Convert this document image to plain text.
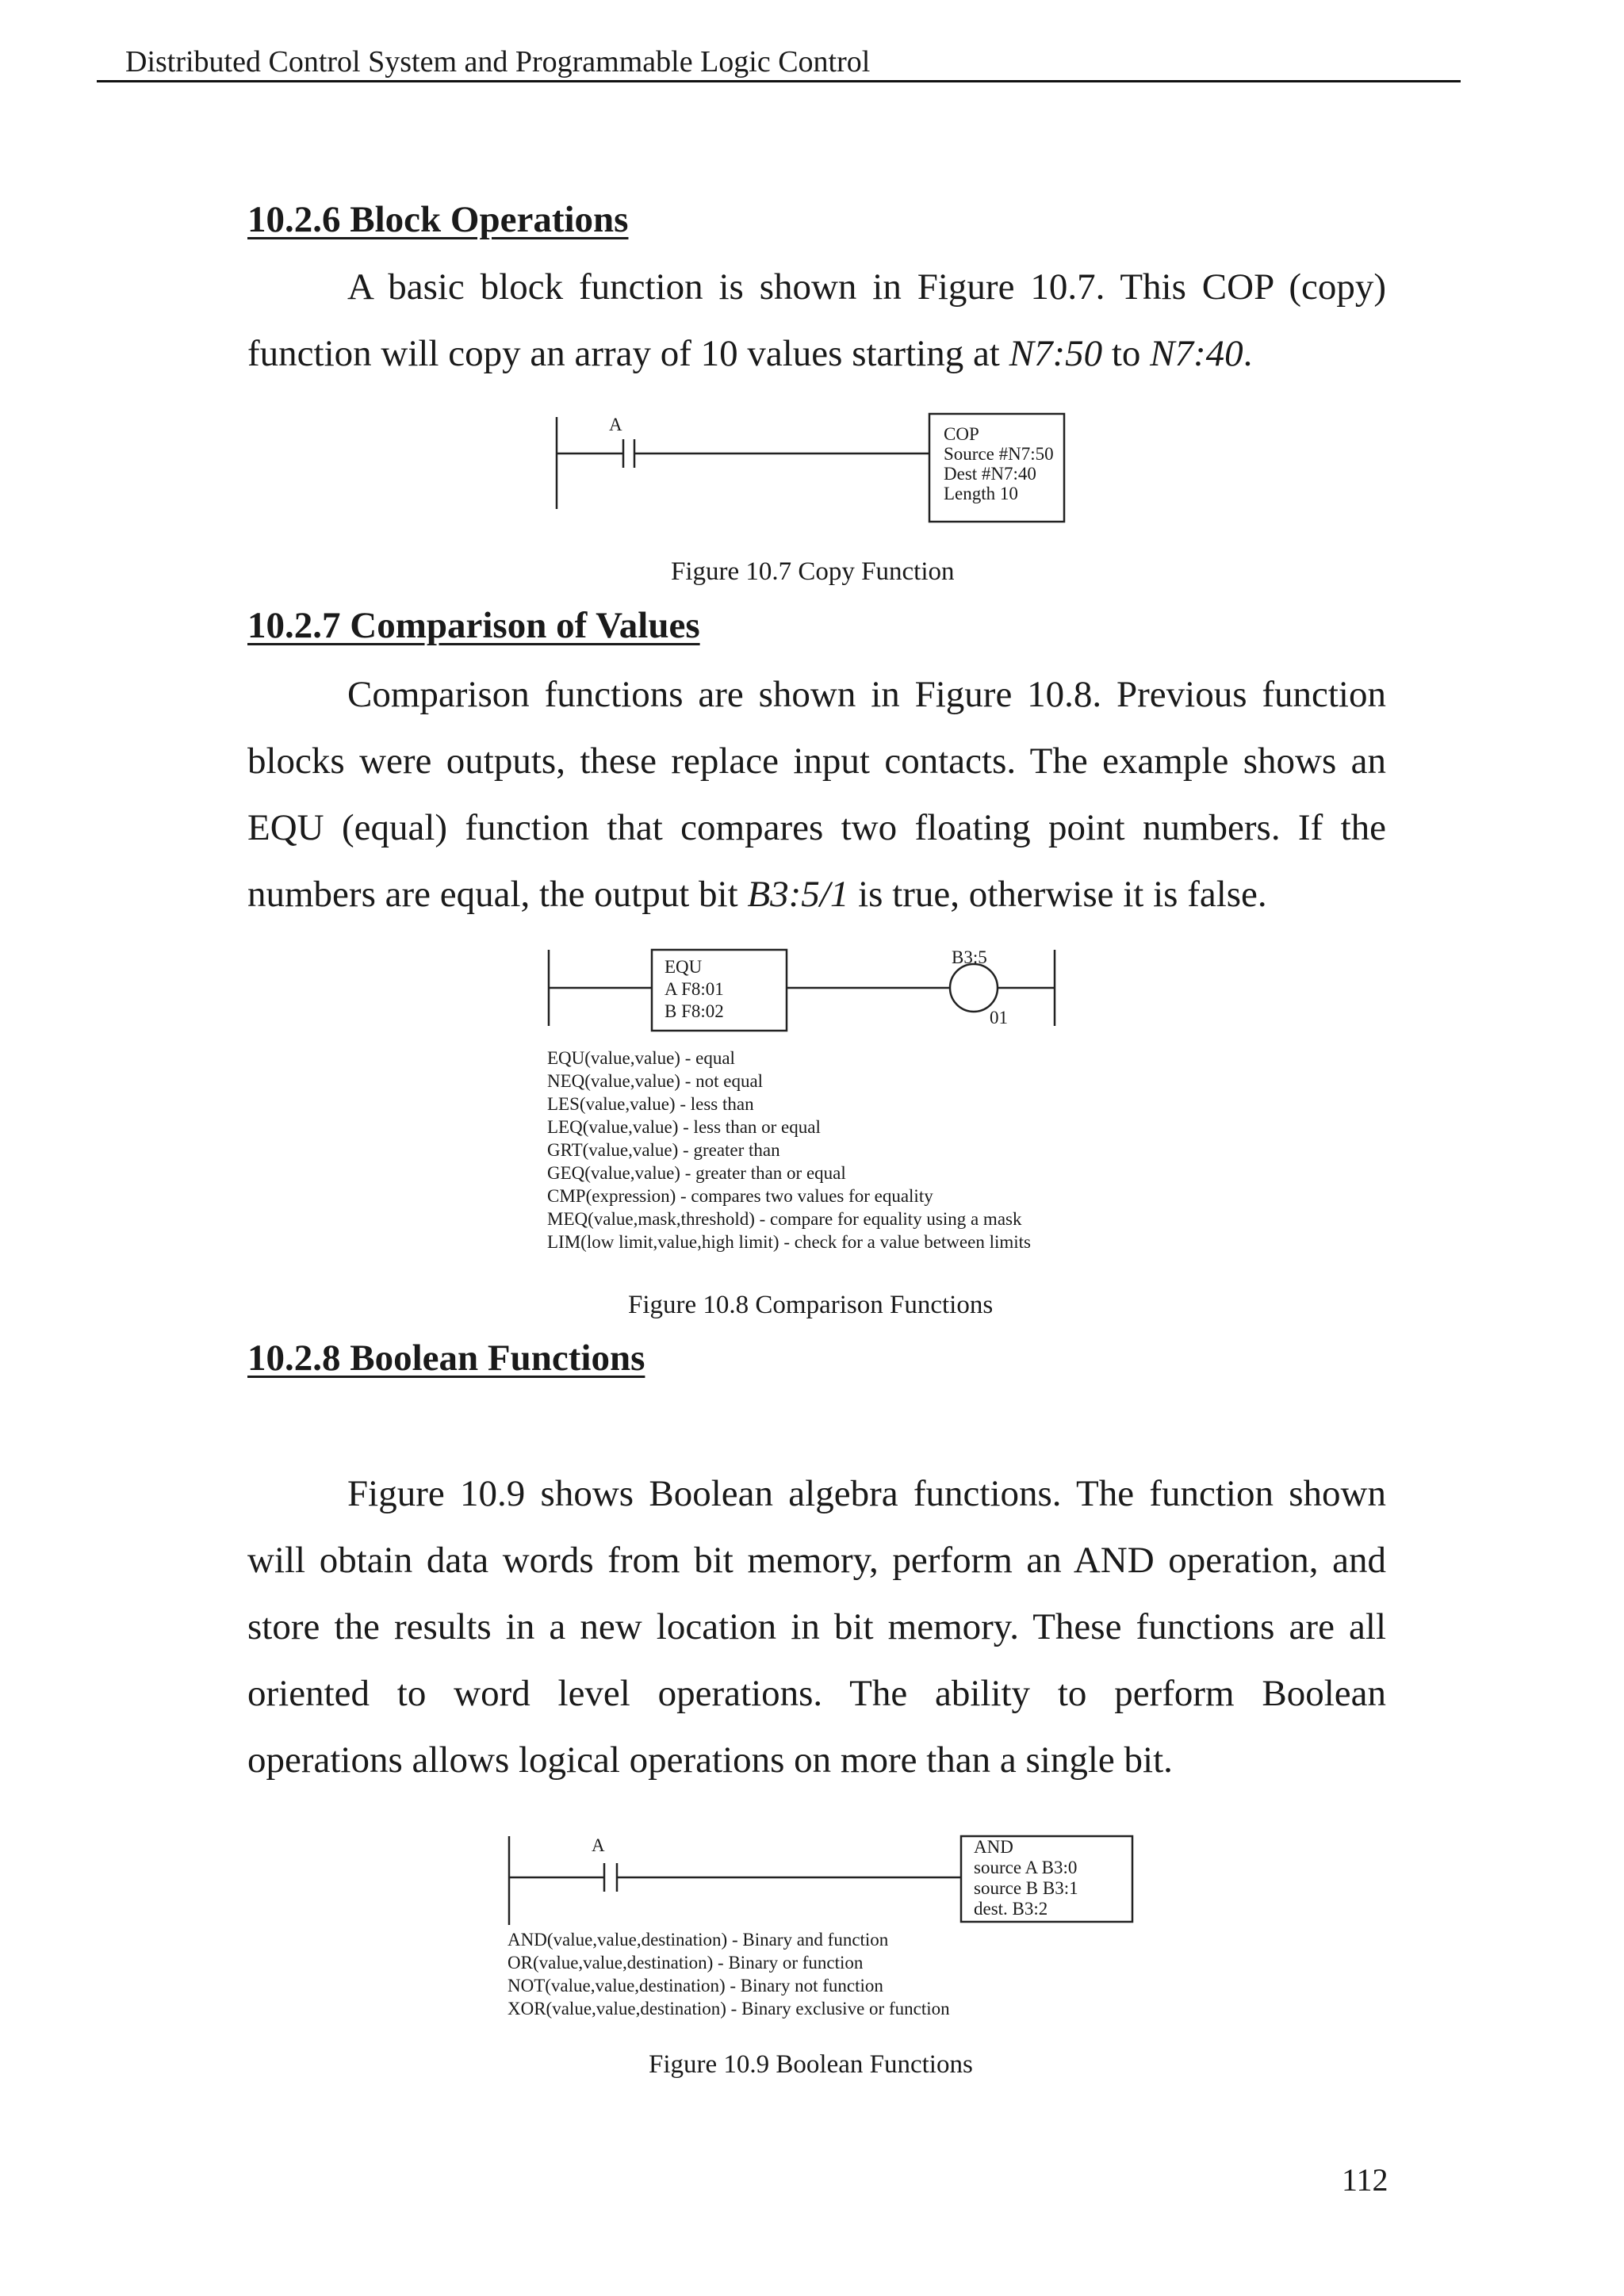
Distributed Control System and Programmable Logic Control
10.2.6 Block Operations
A basic block function is shown in Figure 10.7. This COP (copy)
function will copy an array of 10 values starting at N7:50 to N7:40.
A	COP
Source #N7:50
Dest #N7:40
Length 10
Figure 10.7 Copy Function
10.2.7 Comparison of Values
Comparison functions are shown in Figure 10.8. Previous function
blocks were outputs, these replace input contacts. The example shows an
EQU (equal) function that compares two floating point numbers. If the
numbers are equal, the output bit B3:5/1 is true, otherwise it is false.
EQU
A F8:01
B F8:02
B3:5
01
EQU(value,value) - equal
NEQ(value,value) - not equal
LES(value,value) - less than
LEQ(value,value) - less than or equal
GRT(value,value) - greater than
GEQ(value,value) - greater than or equal
CMP(expression) - compares two values for equality
MEQ(value,mask,threshold) - compare for equality using a mask
LIM(low limit,value,high limit) - check for a value between limits
Figure 10.8 Comparison Functions
10.2.8 Boolean Functions
Figure 10.9 shows Boolean algebra functions. The function shown
will obtain data words from bit memory, perform an AND operation, and
store the results in a new location in bit memory. These functions are all
oriented to word level operations. The ability to perform Boolean
operations allows logical operations on more than a single bit.
A	AND
source A B3:0
source B B3:1
dest. B3:2
AND(value,value,destination) - Binary and function
OR(value,value,destination) - Binary or function
NOT(value,value,destination) - Binary not function
XOR(value,value,destination) - Binary exclusive or function
Figure 10.9 Boolean Functions
112
